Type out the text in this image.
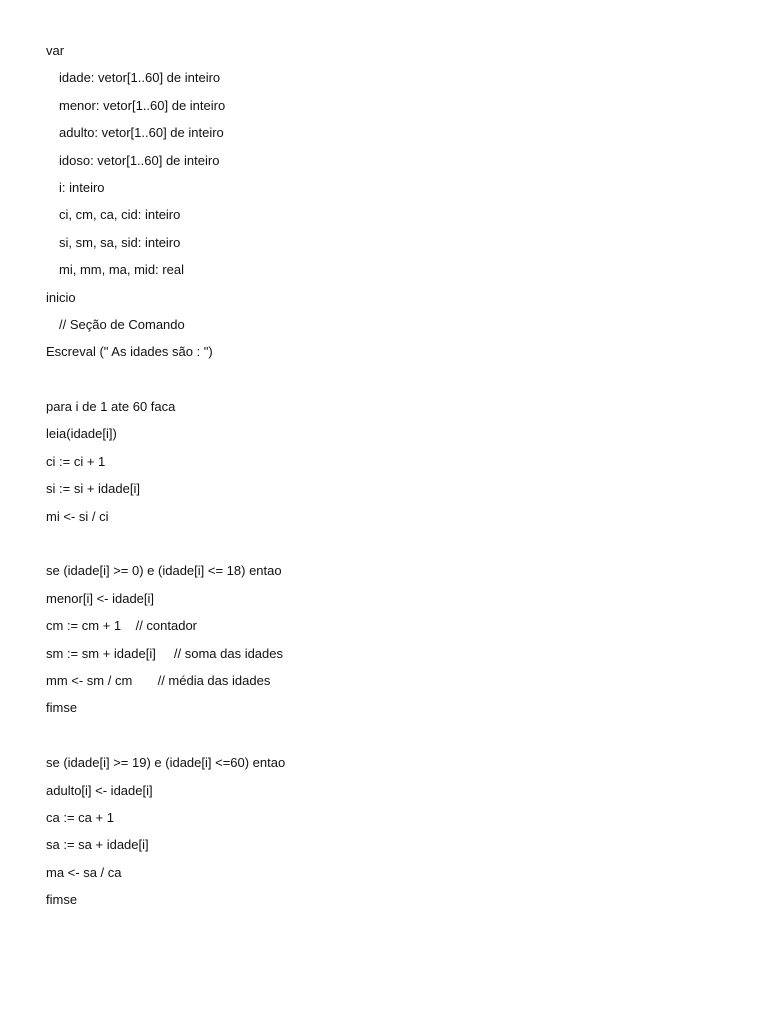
var
idade: vetor[1..60] de inteiro
menor: vetor[1..60] de inteiro
adulto: vetor[1..60] de inteiro
idoso: vetor[1..60] de inteiro
i: inteiro
ci, cm, ca, cid: inteiro
si, sm, sa, sid: inteiro
mi, mm, ma, mid: real
inicio
// Seção de Comando
Escreval (" As idades são : ")
para i de 1 ate 60 faca
leia(idade[i])
ci := ci + 1
si := si + idade[i]
mi <- si / ci
se (idade[i] >= 0) e (idade[i] <= 18) entao
menor[i] <- idade[i]
cm := cm + 1    // contador
sm := sm + idade[i]     // soma das idades
mm <- sm / cm       // média das idades
fimse
se (idade[i] >= 19) e (idade[i] <=60) entao
adulto[i] <- idade[i]
ca := ca + 1
sa := sa + idade[i]
ma <- sa / ca
fimse
